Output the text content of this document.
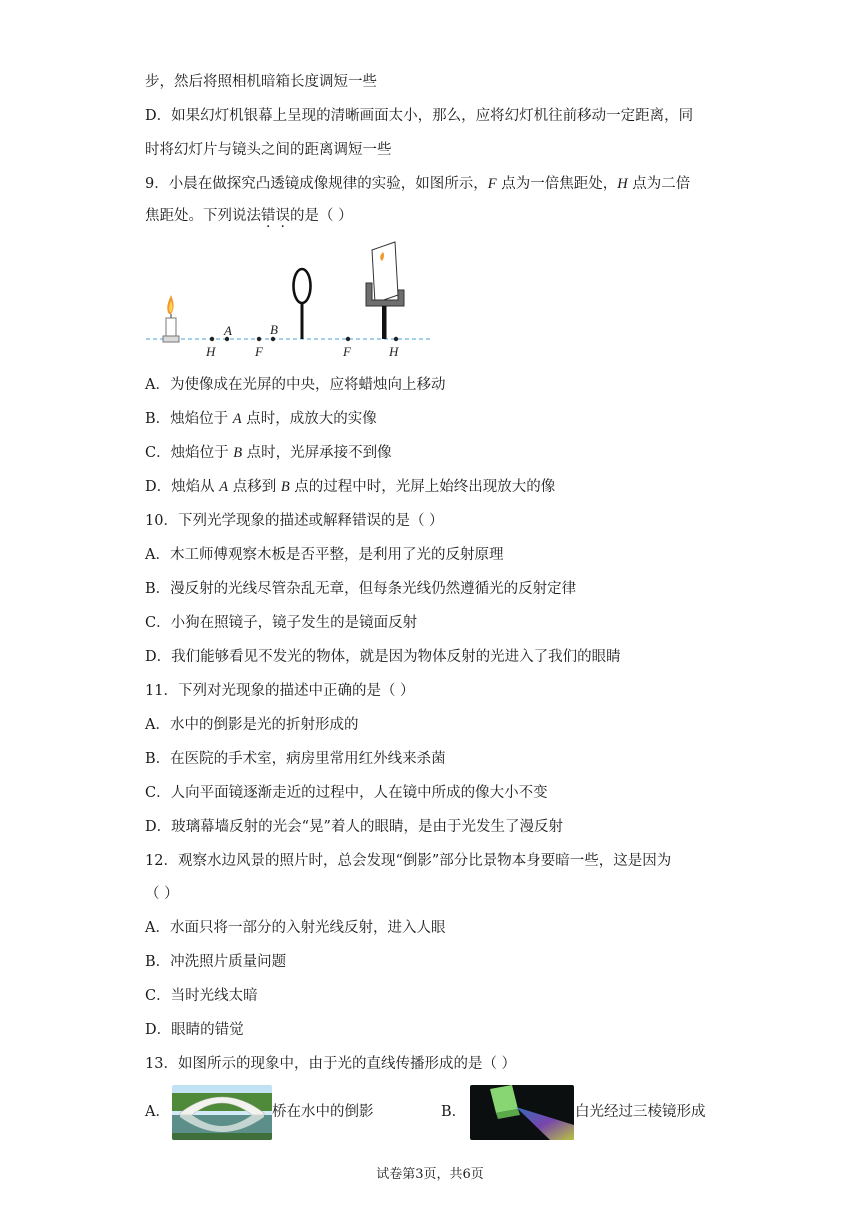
步，然后将照相机暗箱长度调短一些
D．如果幻灯机银幕上呈现的清晰画面太小，那么，应将幻灯机往前移动一定距离，同
时将幻灯片与镜头之间的距离调短一些
9．小晨在做探究凸透镜成像规律的实验，如图所示，F 点为一倍焦距处，H 点为二倍
焦距处。下列说法错误的是（ ）
A	B
H	F	F	H
A．为使像成在光屏的中央，应将蜡烛向上移动
B．烛焰位于 A 点时，成放大的实像
C．烛焰位于 B 点时，光屏承接不到像
D．烛焰从 A 点移到 B 点的过程中时，光屏上始终出现放大的像
10．下列光学现象的描述或解释错误的是（ ）
A．木工师傅观察木板是否平整，是利用了光的反射原理
B．漫反射的光线尽管杂乱无章，但每条光线仍然遵循光的反射定律
C．小狗在照镜子，镜子发生的是镜面反射
D．我们能够看见不发光的物体，就是因为物体反射的光进入了我们的眼睛
11．下列对光现象的描述中正确的是（ ）
A．水中的倒影是光的折射形成的
B．在医院的手术室，病房里常用红外线来杀菌
C．人向平面镜逐渐走近的过程中，人在镜中所成的像大小不变
D．玻璃幕墙反射的光会“晃”着人的眼睛，是由于光发生了漫反射
12．观察水边风景的照片时，总会发现“倒影”部分比景物本身要暗一些，这是因为
（ ）
A．水面只将一部分的入射光线反射，进入人眼
B．冲洗照片质量问题
C．当时光线太暗
D．眼睛的错觉
13．如图所示的现象中，由于光的直线传播形成的是（ ）
A．	桥在水中的倒影	B．	白光经过三棱镜形成
试卷第3页，共6页
